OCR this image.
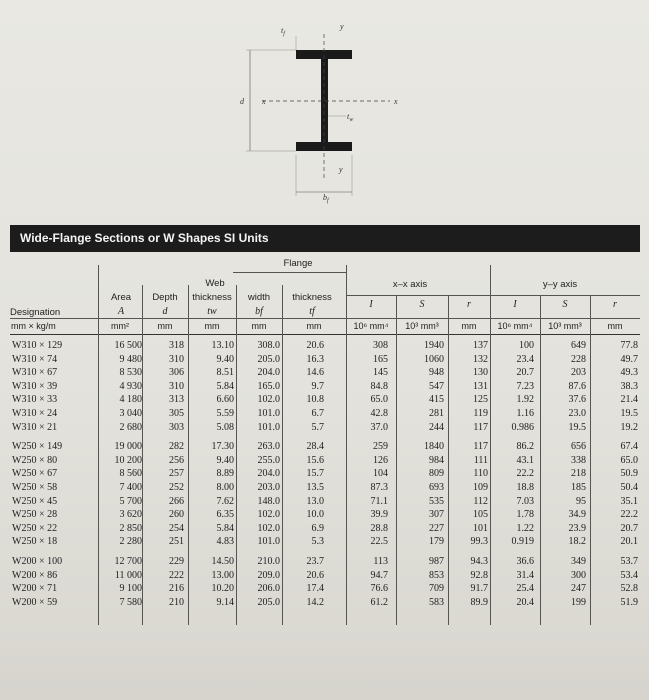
$t_f$
y
d x	x
$t_w$
y
$b_f$
Wide-Flange Sections or W Shapes SI Units
Flange
x–x axis	y–y axis
Web
Area	Depth	thickness	width	thickness
Designation	A	d	tw	bf	tf
I	S	r	I	S	r
mm × kg/m	mm²	mm	mm	mm	mm	10⁶ mm⁴	10³ mm³	mm	10⁶ mm⁴	10³ mm³	mm
W310 × 129	16 500	318	13.10	308.0	20.6	308	1940	137	100	649	77.8
W310 × 74	9 480	310	9.40	205.0	16.3	165	1060	132	23.4	228	49.7
W310 × 67	8 530	306	8.51	204.0	14.6	145	948	130	20.7	203	49.3
W310 × 39	4 930	310	5.84	165.0	9.7	84.8	547	131	7.23	87.6	38.3
W310 × 33	4 180	313	6.60	102.0	10.8	65.0	415	125	1.92	37.6	21.4
W310 × 24	3 040	305	5.59	101.0	6.7	42.8	281	119	1.16	23.0	19.5
W310 × 21	2 680	303	5.08	101.0	5.7	37.0	244	117	0.986	19.5	19.2
W250 × 149	19 000	282	17.30	263.0	28.4	259	1840	117	86.2	656	67.4
W250 × 80	10 200	256	9.40	255.0	15.6	126	984	111	43.1	338	65.0
W250 × 67	8 560	257	8.89	204.0	15.7	104	809	110	22.2	218	50.9
W250 × 58	7 400	252	8.00	203.0	13.5	87.3	693	109	18.8	185	50.4
W250 × 45	5 700	266	7.62	148.0	13.0	71.1	535	112	7.03	95	35.1
W250 × 28	3 620	260	6.35	102.0	10.0	39.9	307	105	1.78	34.9	22.2
W250 × 22	2 850	254	5.84	102.0	6.9	28.8	227	101	1.22	23.9	20.7
W250 × 18	2 280	251	4.83	101.0	5.3	22.5	179	99.3	0.919	18.2	20.1
W200 × 100	12 700	229	14.50	210.0	23.7	113	987	94.3	36.6	349	53.7
W200 × 86	11 000	222	13.00	209.0	20.6	94.7	853	92.8	31.4	300	53.4
W200 × 71	9 100	216	10.20	206.0	17.4	76.6	709	91.7	25.4	247	52.8
W200 × 59	7 580	210	9.14	205.0	14.2	61.2	583	89.9	20.4	199	51.9
